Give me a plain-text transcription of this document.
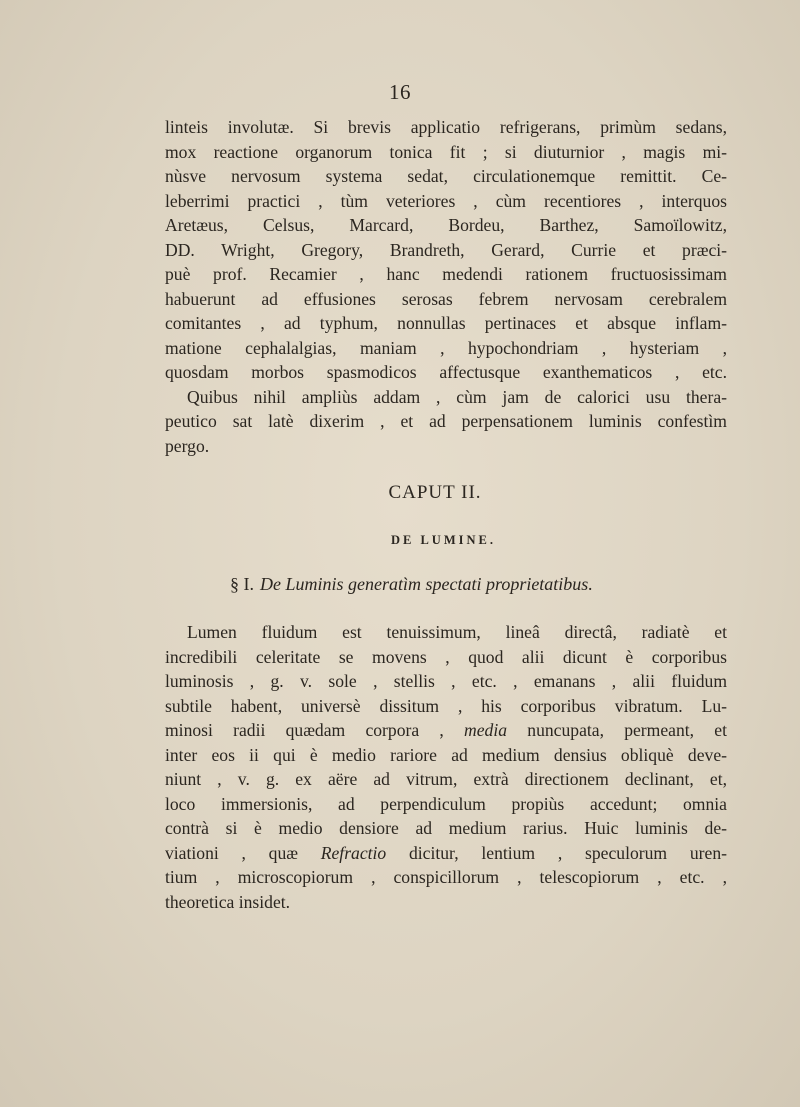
16
linteis involutæ. Si brevis applicatio refrigerans, primùm sedans,
mox reactione organorum tonica fit ; si diuturnior , magis mi-
nùsve nervosum systema sedat, circulationemque remittit. Ce-
leberrimi practici , tùm veteriores , cùm recentiores , interquos
Aretæus, Celsus, Marcard, Bordeu, Barthez, Samoïlowitz,
DD. Wright, Gregory, Brandreth, Gerard, Currie et præci-
puè prof. Recamier , hanc medendi rationem fructuosissimam
habuerunt ad effusiones serosas febrem nervosam cerebralem
comitantes , ad typhum, nonnullas pertinaces et absque inflam-
matione cephalalgias, maniam , hypochondriam , hysteriam ,
quosdam morbos spasmodicos affectusque exanthematicos , etc.
Quibus nihil ampliùs addam , cùm jam de calorici usu thera-
peutico sat latè dixerim , et ad perpensationem luminis confestìm
pergo.
CAPUT II.
DE LUMINE.
§ I. De Luminis generatìm spectati proprietatibus.
Lumen fluidum est tenuissimum, lineâ directâ, radiatè et
incredibili celeritate se movens , quod alii dicunt è corporibus
luminosis , g. v. sole , stellis , etc. , emanans , alii fluidum
subtile habent, universè dissitum , his corporibus vibratum. Lu-
minosi radii quædam corpora , media nuncupata, permeant, et
inter eos ii qui è medio rariore ad medium densius obliquè deve-
niunt , v. g. ex aëre ad vitrum, extrà directionem declinant, et,
loco immersionis, ad perpendiculum propiùs accedunt; omnia
contrà si è medio densiore ad medium rarius. Huic luminis de-
viationi , quæ Refractio dicitur, lentium , speculorum uren-
tium , microscopiorum , conspicillorum , telescopiorum , etc. ,
theoretica insidet.
